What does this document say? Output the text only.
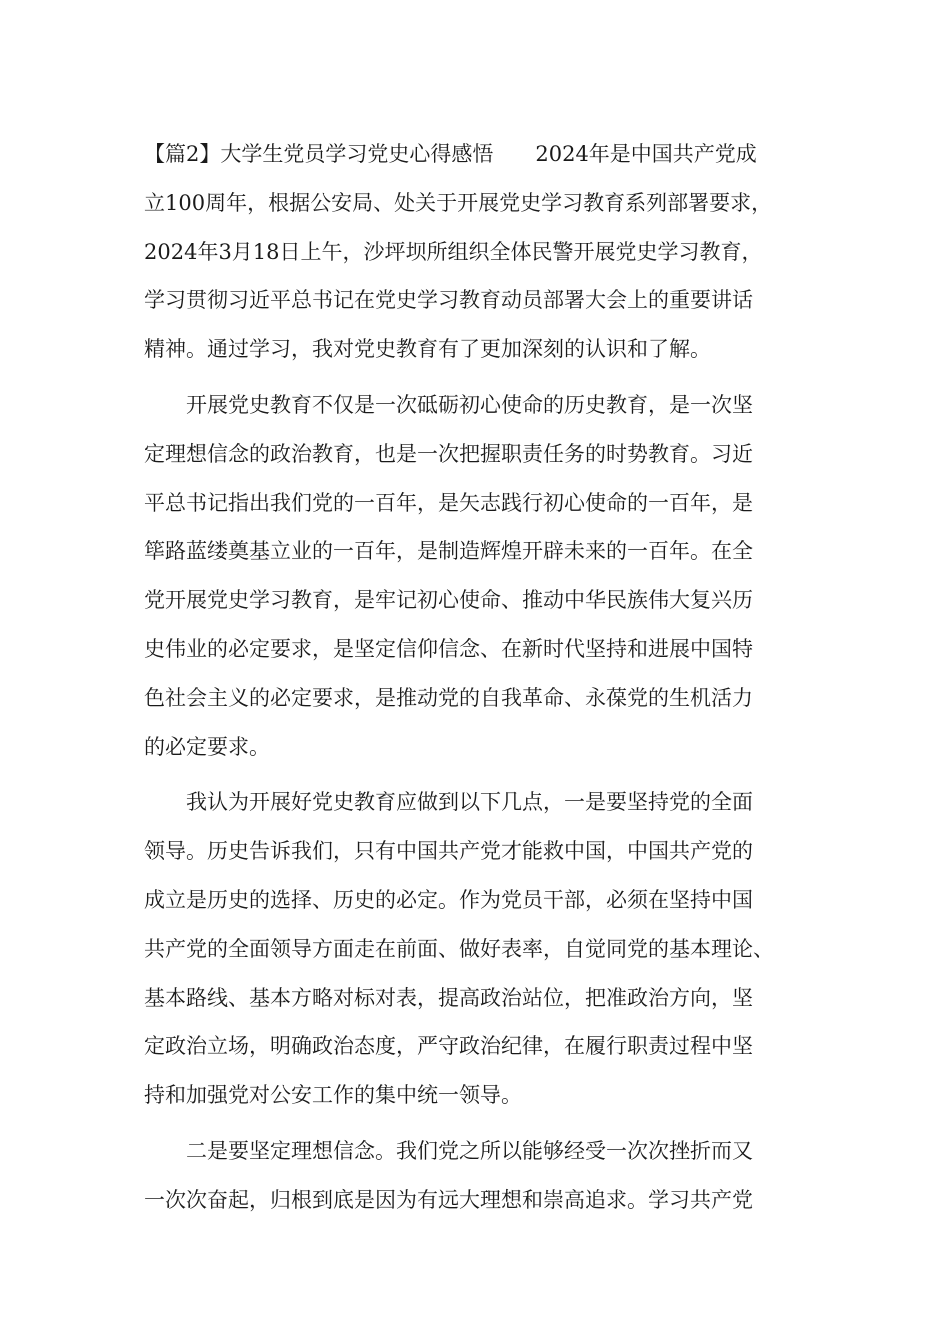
【篇2】大学生党员学习党史心得感悟 2024年是中国共产党成
立100周年，根据公安局、处关于开展党史学习教育系列部署要求，
2024年3月18日上午，沙坪坝所组织全体民警开展党史学习教育，
学习贯彻习近平总书记在党史学习教育动员部署大会上的重要讲话
精神。通过学习，我对党史教育有了更加深刻的认识和了解。
开展党史教育不仅是一次砥砺初心使命的历史教育，是一次坚
定理想信念的政治教育，也是一次把握职责任务的时势教育。习近
平总书记指出我们党的一百年，是矢志践行初心使命的一百年，是
筚路蓝缕奠基立业的一百年，是制造辉煌开辟未来的一百年。在全
党开展党史学习教育，是牢记初心使命、推动中华民族伟大复兴历
史伟业的必定要求，是坚定信仰信念、在新时代坚持和进展中国特
色社会主义的必定要求，是推动党的自我革命、永葆党的生机活力
的必定要求。
我认为开展好党史教育应做到以下几点，一是要坚持党的全面
领导。历史告诉我们，只有中国共产党才能救中国，中国共产党的
成立是历史的选择、历史的必定。作为党员干部，必须在坚持中国
共产党的全面领导方面走在前面、做好表率，自觉同党的基本理论、
基本路线、基本方略对标对表，提高政治站位，把准政治方向，坚
定政治立场，明确政治态度，严守政治纪律，在履行职责过程中坚
持和加强党对公安工作的集中统一领导。
二是要坚定理想信念。我们党之所以能够经受一次次挫折而又
一次次奋起，归根到底是因为有远大理想和崇高追求。学习共产党
